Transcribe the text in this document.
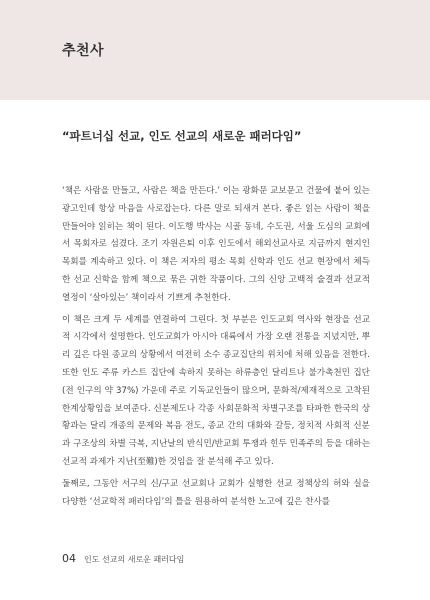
추천사
“파트너십 선교, 인도 선교의 새로운 패러다임”

‘책은 사람을 만들고, 사람은 책을 만든다.’ 이는 광화문 교보문고 건물에 붙어 있는 광고인데 항상 마음을 사로잡는다. 다른 말로 되새겨 본다. 좋은 읽는 사람이 책을 만들어야 읽히는 책이 된다. 이도행 박사는 시골 동네, 수도권, 서울 도심의 교회에서 목회자로 섬겼다. 조기 자원은퇴 이후 인도에서 해외선교사로 지금까지 현지인 목회를 계속하고 있다. 이 책은 저자의 평소 목회 신학과 인도 선교 현장에서 체득한 선교 신학을 함께 책으로 묶은 귀한 작품이다. 그의 신앙 고백적 술결과 선교적 열정이 ‘살아있는’ 책이라서 기쁘게 추천한다.

이 책은 크게 두 세계를 연결하여 그린다. 첫 부분은 인도교회 역사와 현장을 선교적 시각에서 설명한다. 인도교회가 아시아 대륙에서 가장 오랜 전통을 지녔지만, 뿌리 깊은 다원 종교의 상황에서 여전히 소수 종교집단의 위치에 처해 있음을 전한다. 또한 인도 주류 카스트 집단에 속하지 못하는 하류층인 달리트나 불가촉천민 집단(전 인구의 약 37%) 가운데 주로 기독교인들이 많으며, 문화적/제재적으로 고착된 한계상황임을 보여준다. 신분제도나 각종 사회문화적 차별구조를 타파한 한국의 상황과는 달리 개종의 문제와 복음 전도, 종교 간의 대화와 갈등, 정치적 사회적 신분과 구조상의 차별 극복, 지난날의 반식민/반교회 투쟁과 힌두 민족주의 등을 대하는 선교적 과제가 지난(至難)한 것임을 잘 분석해 주고 있다.

둘째로, 그동안 서구의 신/구교 선교회나 교회가 실행한 선교 정책상의 허와 실을 다양한 ‘선교학적 패러다임’의 틀을 원용하여 분석한 노고에 깊은 찬사를

04 인도 선교의 새로운 패러다임
